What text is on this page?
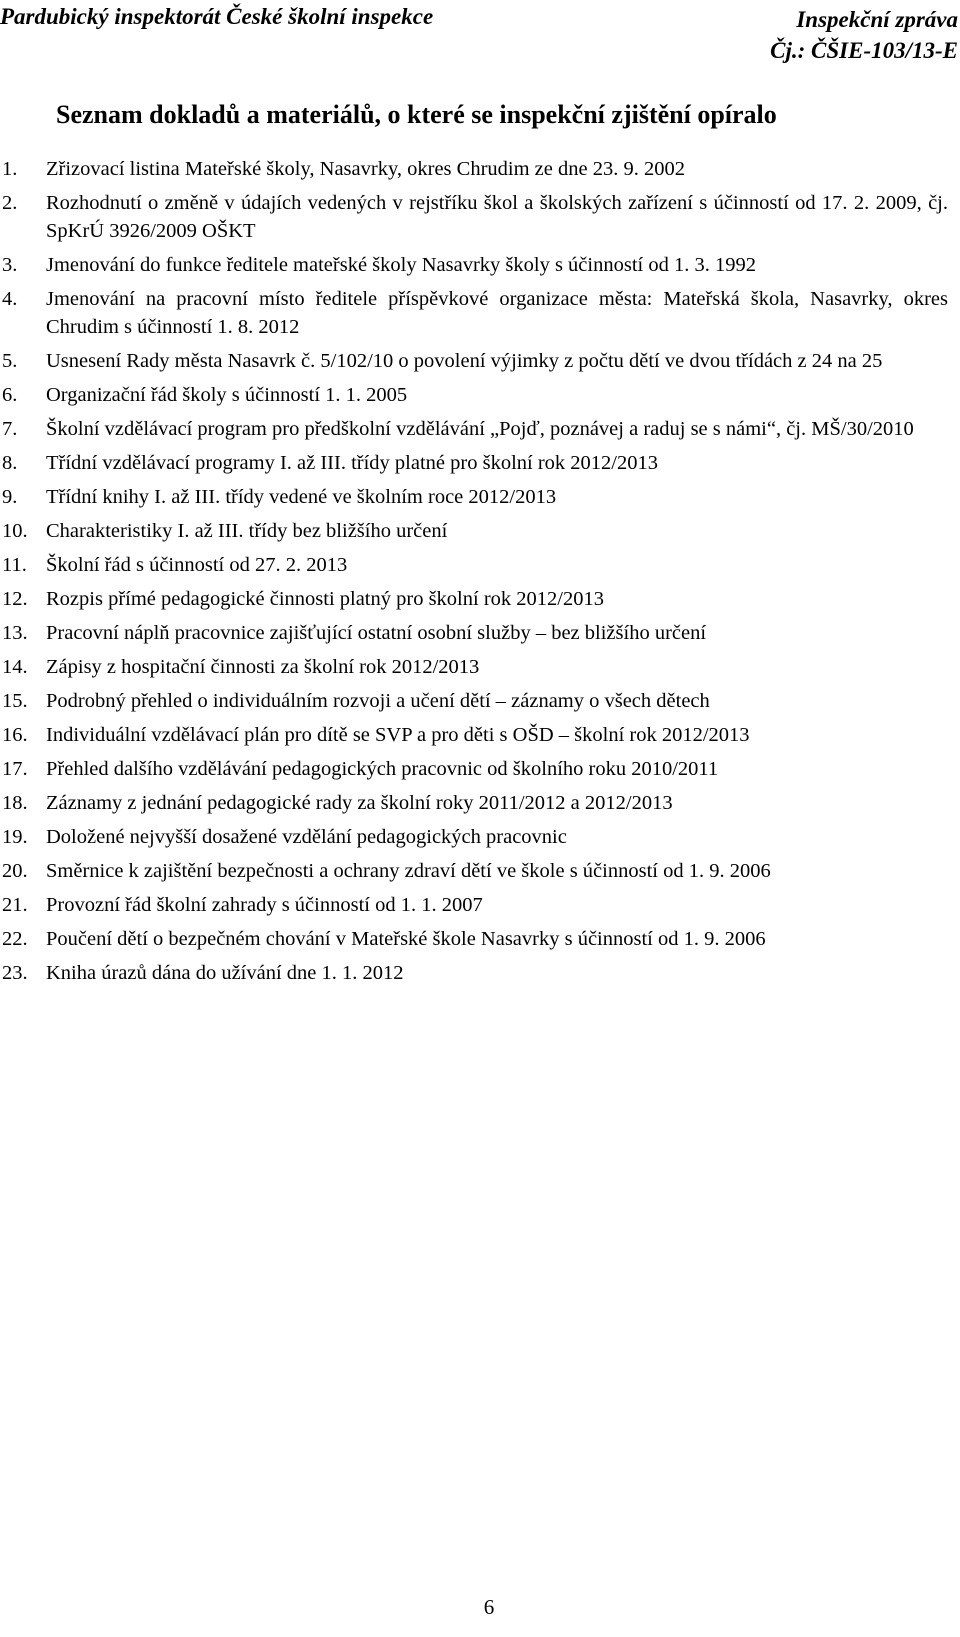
Pardubický inspektorát České školní inspekce	Inspekční zpráva
Čj.: ČŠIE-103/13-E
Seznam dokladů a materiálů, o které se inspekční zjištění opíralo
1. Zřizovací listina Mateřské školy, Nasavrky, okres Chrudim ze dne 23. 9. 2002
2. Rozhodnutí o změně v údajích vedených v rejstříku škol a školských zařízení s účinností od 17. 2. 2009, čj. SpKrÚ 3926/2009 OŠKT
3. Jmenování do funkce ředitele mateřské školy Nasavrky školy s účinností od 1. 3. 1992
4. Jmenování na pracovní místo ředitele příspěvkové organizace města: Mateřská škola, Nasavrky, okres Chrudim s účinností 1. 8. 2012
5. Usnesení Rady města Nasavrk č. 5/102/10 o povolení výjimky z počtu dětí ve dvou třídách z 24 na 25
6. Organizační řád školy s účinností 1. 1. 2005
7. Školní vzdělávací program pro předškolní vzdělávání „Pojď, poznávej a raduj se s námi“, čj. MŠ/30/2010
8. Třídní vzdělávací programy I. až III. třídy platné pro školní rok 2012/2013
9. Třídní knihy I. až III. třídy vedené ve školním roce 2012/2013
10. Charakteristiky I. až III. třídy bez bližšího určení
11. Školní řád s účinností od 27. 2. 2013
12. Rozpis přímé pedagogické činnosti platný pro školní rok 2012/2013
13. Pracovní náplň pracovnice zajišťující ostatní osobní služby – bez bližšího určení
14. Zápisy z hospitační činnosti za školní rok 2012/2013
15. Podrobný přehled o individuálním rozvoji a učení dětí – záznamy o všech dětech
16. Individuální vzdělávací plán pro dítě se SVP a pro děti s OŠD – školní rok 2012/2013
17. Přehled dalšího vzdělávání pedagogických pracovnic od školního roku 2010/2011
18. Záznamy z jednání pedagogické rady za školní roky 2011/2012 a 2012/2013
19. Doložené nejvyšší dosažené vzdělání pedagogických pracovnic
20. Směrnice k zajištění bezpečnosti a ochrany zdraví dětí ve škole s účinností od 1. 9. 2006
21. Provozní řád školní zahrady s účinností od 1. 1. 2007
22. Poučení dětí o bezpečném chování v Mateřské škole Nasavrky s účinností od 1. 9. 2006
23. Kniha úrazů dána do užívání dne 1. 1. 2012
6
